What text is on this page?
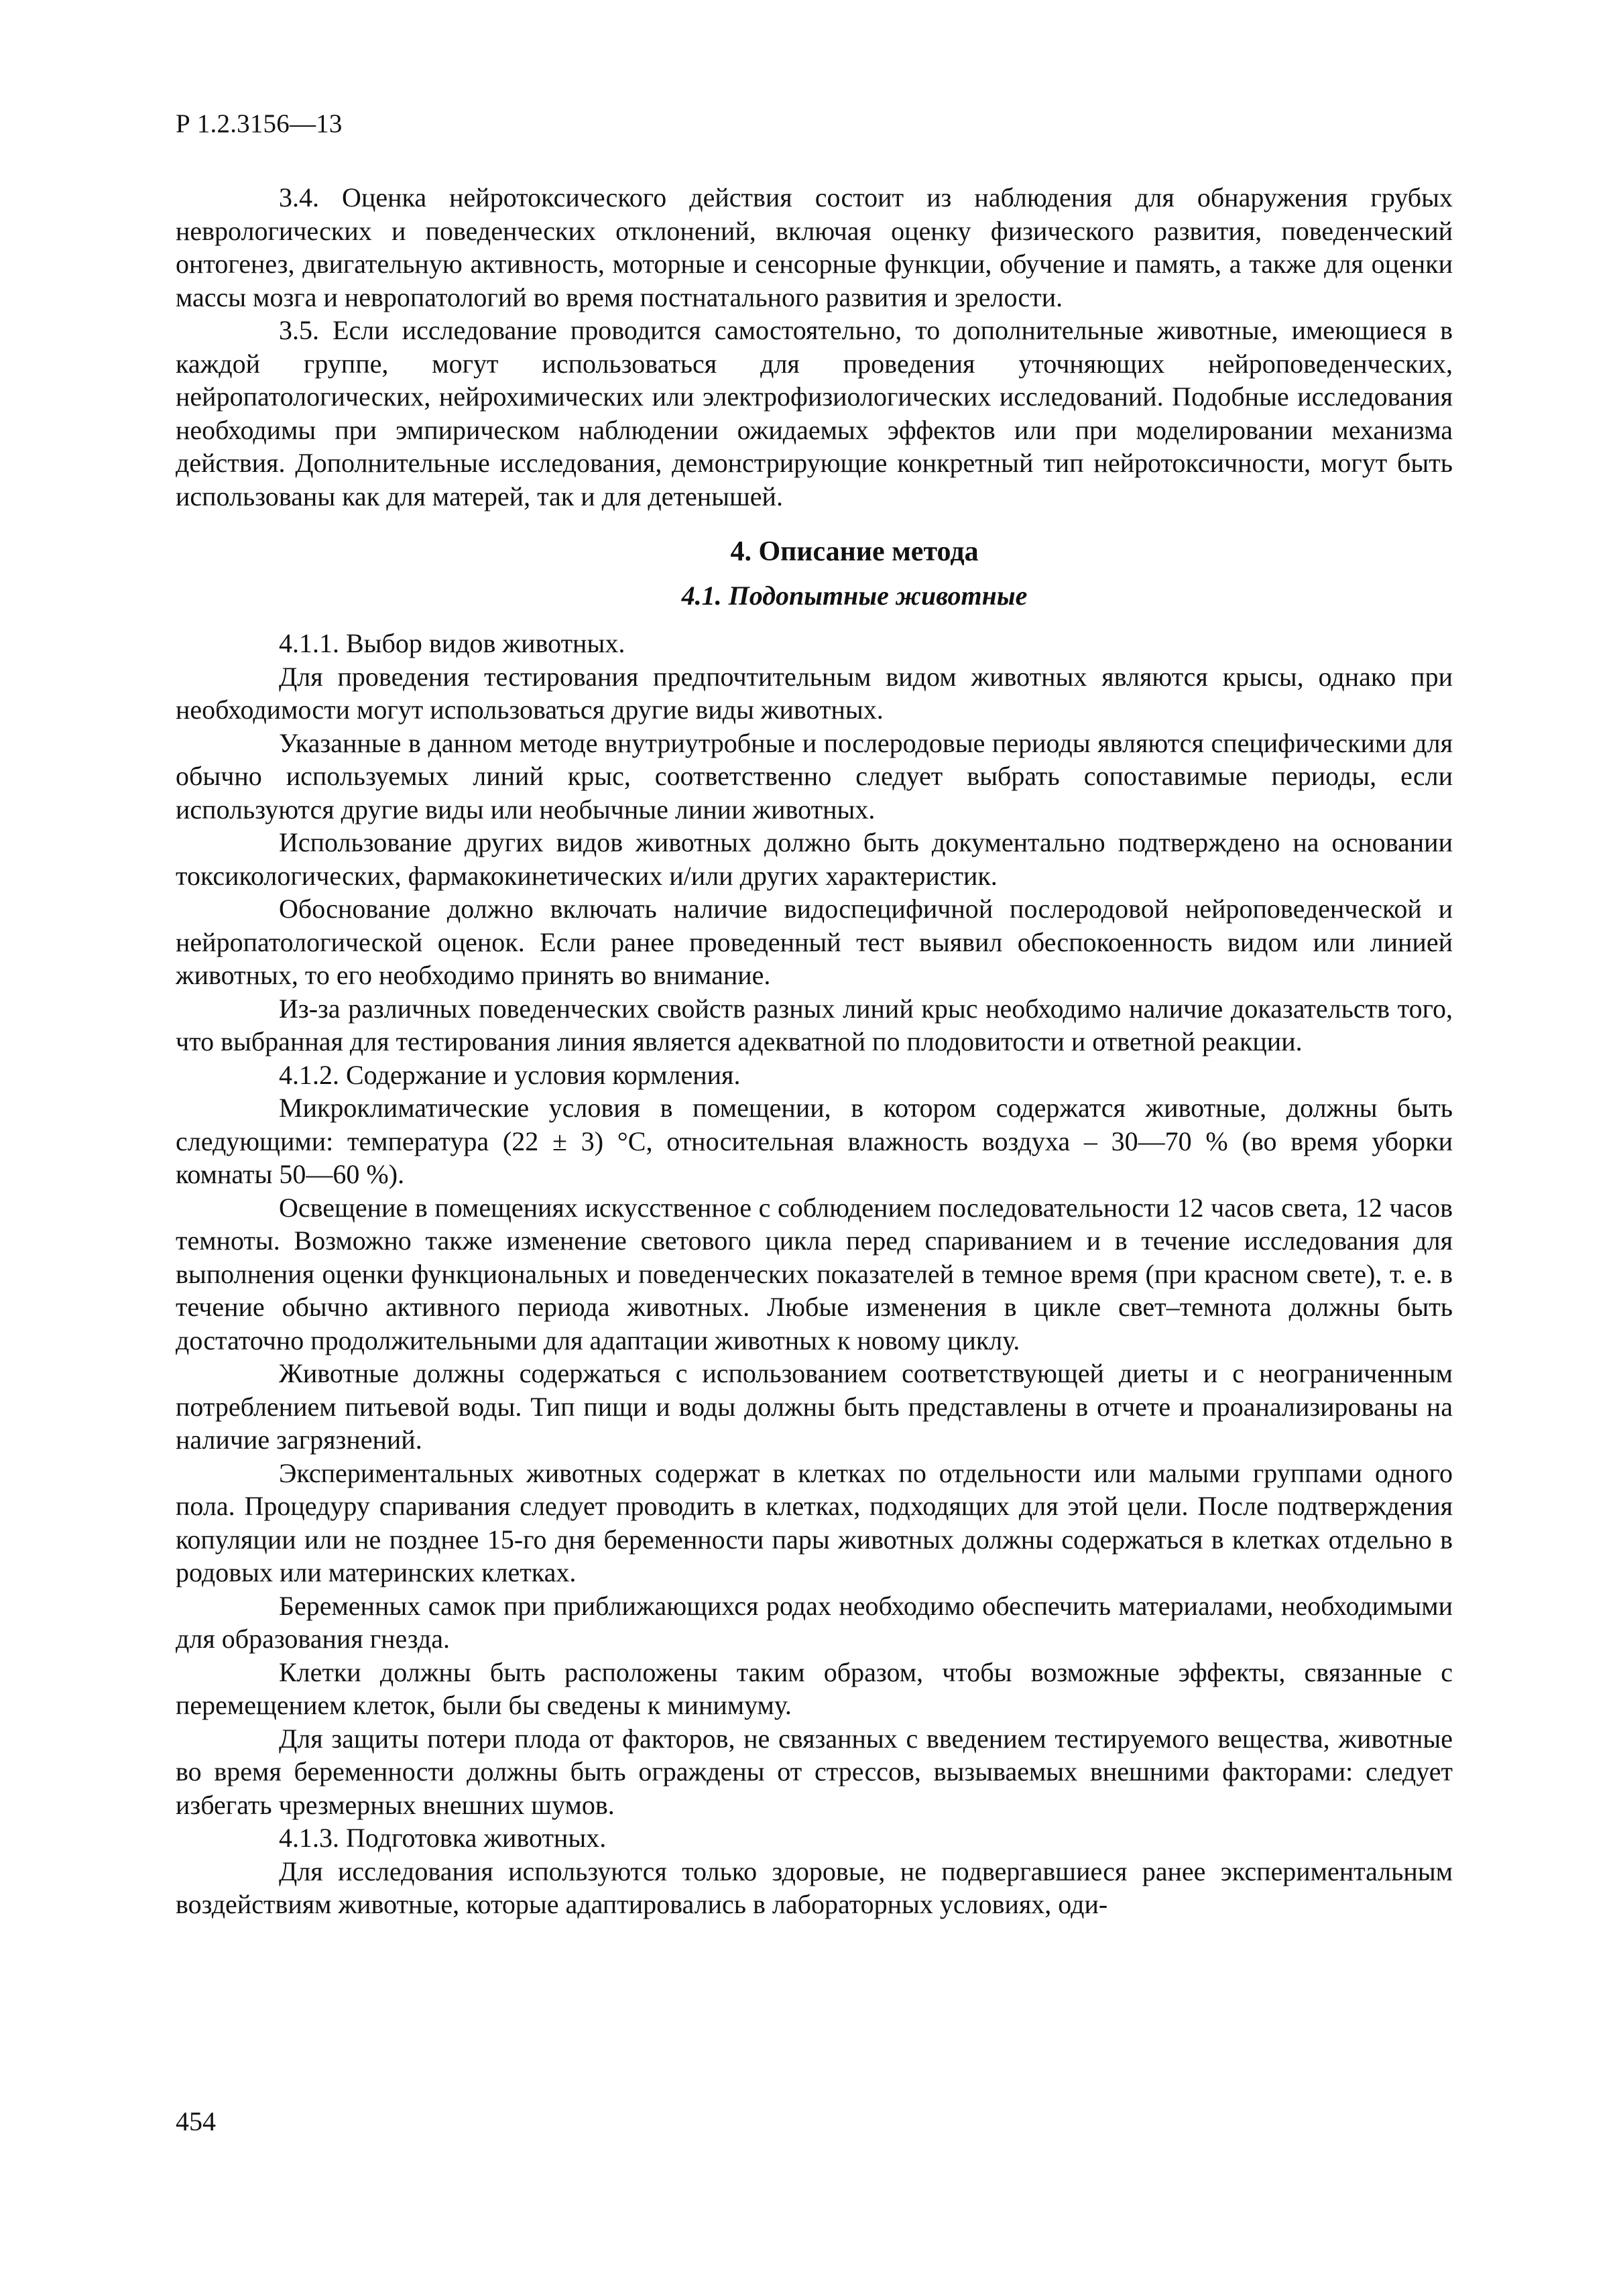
Р 1.2.3156—13

3.4. Оценка нейротоксического действия состоит из наблюдения для обнаружения грубых неврологических и поведенческих отклонений, включая оценку физического развития, поведенческий онтогенез, двигательную активность, моторные и сенсорные функции, обучение и память, а также для оценки массы мозга и невропатологий во время постнатального развития и зрелости.

3.5. Если исследование проводится самостоятельно, то дополнительные животные, имеющиеся в каждой группе, могут использоваться для проведения уточняющих нейроповеденческих, нейропатологических, нейрохимических или электрофизиологических исследований. Подобные исследования необходимы при эмпирическом наблюдении ожидаемых эффектов или при моделировании механизма действия. Дополнительные исследования, демонстрирующие конкретный тип нейротоксичности, могут быть использованы как для матерей, так и для детенышей.

4. Описание метода
4.1. Подопытные животные

4.1.1. Выбор видов животных.

Для проведения тестирования предпочтительным видом животных являются крысы, однако при необходимости могут использоваться другие виды животных.

Указанные в данном методе внутриутробные и послеродовые периоды являются специфическими для обычно используемых линий крыс, соответственно следует выбрать сопоставимые периоды, если используются другие виды или необычные линии животных.

Использование других видов животных должно быть документально подтверждено на основании токсикологических, фармакокинетических и/или других характеристик.

Обоснование должно включать наличие видоспецифичной послеродовой нейроповеденческой и нейропатологической оценок. Если ранее проведенный тест выявил обеспокоенность видом или линией животных, то его необходимо принять во внимание.

Из-за различных поведенческих свойств разных линий крыс необходимо наличие доказательств того, что выбранная для тестирования линия является адекватной по плодовитости и ответной реакции.

4.1.2. Содержание и условия кормления.

Микроклиматические условия в помещении, в котором содержатся животные, должны быть следующими: температура (22 ± 3) °С, относительная влажность воздуха – 30—70 % (во время уборки комнаты 50—60 %).

Освещение в помещениях искусственное с соблюдением последовательности 12 часов света, 12 часов темноты. Возможно также изменение светового цикла перед спариванием и в течение исследования для выполнения оценки функциональных и поведенческих показателей в темное время (при красном свете), т. е. в течение обычно активного периода животных. Любые изменения в цикле свет–темнота должны быть достаточно продолжительными для адаптации животных к новому циклу.

Животные должны содержаться с использованием соответствующей диеты и с неограниченным потреблением питьевой воды. Тип пищи и воды должны быть представлены в отчете и проанализированы на наличие загрязнений.

Экспериментальных животных содержат в клетках по отдельности или малыми группами одного пола. Процедуру спаривания следует проводить в клетках, подходящих для этой цели. После подтверждения копуляции или не позднее 15-го дня беременности пары животных должны содержаться в клетках отдельно в родовых или материнских клетках.

Беременных самок при приближающихся родах необходимо обеспечить материалами, необходимыми для образования гнезда.

Клетки должны быть расположены таким образом, чтобы возможные эффекты, связанные с перемещением клеток, были бы сведены к минимуму.

Для защиты потери плода от факторов, не связанных с введением тестируемого вещества, животные во время беременности должны быть ограждены от стрессов, вызываемых внешними факторами: следует избегать чрезмерных внешних шумов.

4.1.3. Подготовка животных.

Для исследования используются только здоровые, не подвергавшиеся ранее экспериментальным воздействиям животные, которые адаптировались в лабораторных условиях, оди-

454
